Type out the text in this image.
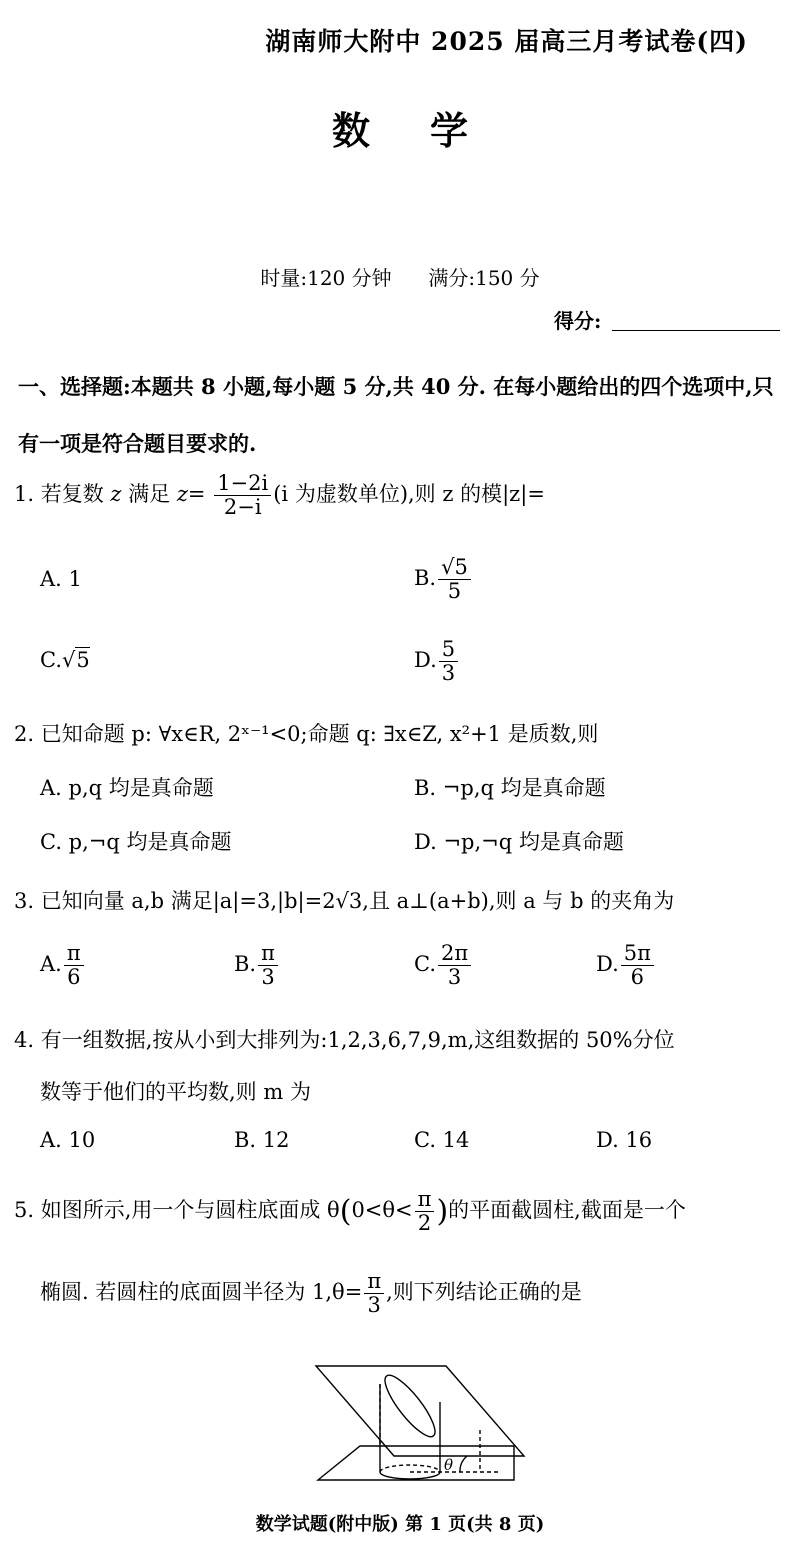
湖南师大附中 2025 届高三月考试卷(四)
数学
时量:120 分钟 满分:150 分
得分:
一、选择题:本题共 8 小题,每小题 5 分,共 40 分. 在每小题给出的四个选项中,只有一项是符合题目要求的.
1. 若复数 z 满足 $z= \frac{1-2i}{2-i} (i$ 为虚数单位),则 z 的模|z|=
A. 1	B. $\frac{√5}{5}$
C.√5	D. $\frac{5}{3}$
2. 已知命题 p: ∀x∈R, 2ˣ⁻¹<0;命题 q: ∃x∈Z, x²+1 是质数,则
A. p,q 均是真命题	B. ¬p,q 均是真命题
C. p,¬q 均是真命题	D. ¬p,¬q 均是真命题
3. 已知向量 a,b 满足|a|=3,|b|=2√3,且 a⊥(a+b),则 a 与 b 的夹角为
A. $\frac{\pi}{6}$	B. $\frac{\pi}{3}$	C. $\frac{2\pi}{3}$	D. $\frac{5\pi}{6}$
4. 有一组数据,按从小到大排列为:1,2,3,6,7,9,m,这组数据的 50%分位
数等于他们的平均数,则 m 为
A. 10	B. 12	C. 14	D. 16
5. 如图所示,用一个与圆柱底面成 $\theta(0<\theta< \frac{\pi}{2}$ )的平面截圆柱,截面是一个
椭圆. 若圆柱的底面圆半径为 $1,\theta= \frac{\pi}{3}$ ,则下列结论正确的是
θ
数学试题(附中版) 第 1 页(共 8 页)
